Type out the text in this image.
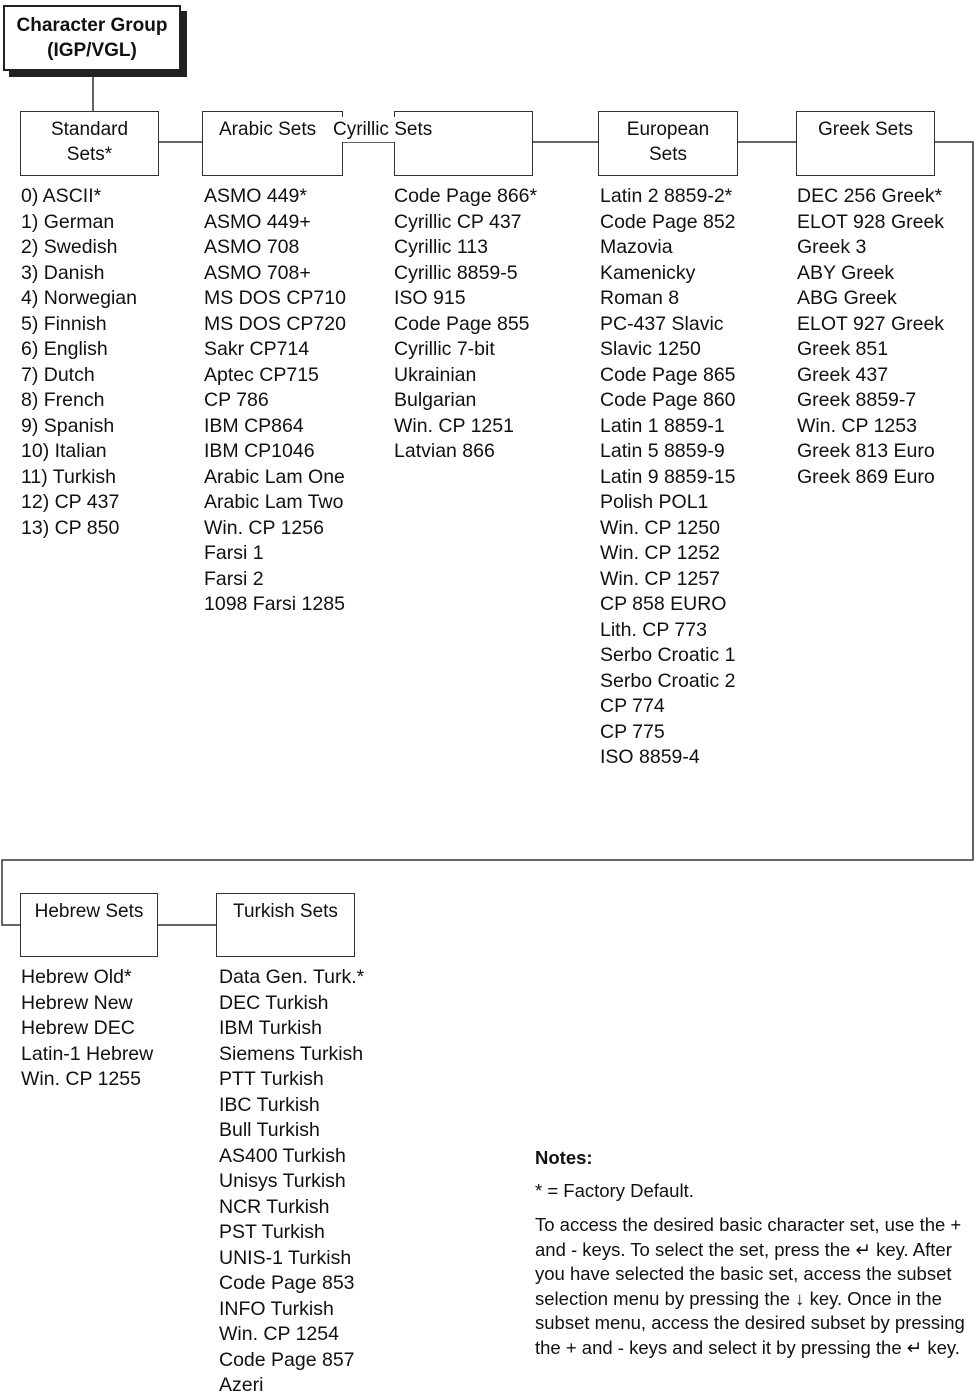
Character Group
(IGP/VGL)
Standard
Sets*
Arabic Sets Cyrillic Sets	European
Sets
Greek Sets
Hebrew Sets	Turkish Sets
0) ASCII*
1) German
2) Swedish
3) Danish
4) Norwegian
5) Finnish
6) English
7) Dutch
8) French
9) Spanish
10) Italian
11) Turkish
12) CP 437
13) CP 850
ASMO 449*
ASMO 449+
ASMO 708
ASMO 708+
MS DOS CP710
MS DOS CP720
Sakr CP714
Aptec CP715
CP 786
IBM CP864
IBM CP1046
Arabic Lam One
Arabic Lam Two
Win. CP 1256
Farsi 1
Farsi 2
1098 Farsi 1285
Code Page 866*
Cyrillic CP 437
Cyrillic 113
Cyrillic 8859-5
ISO 915
Code Page 855
Cyrillic 7-bit
Ukrainian
Bulgarian
Win. CP 1251
Latvian 866
Latin 2 8859-2*
Code Page 852
Mazovia
Kamenicky
Roman 8
PC-437 Slavic
Slavic 1250
Code Page 865
Code Page 860
Latin 1 8859-1
Latin 5 8859-9
Latin 9 8859-15
Polish POL1
Win. CP 1250
Win. CP 1252
Win. CP 1257
CP 858 EURO
Lith. CP 773
Serbo Croatic 1
Serbo Croatic 2
CP 774
CP 775
ISO 8859-4
DEC 256 Greek*
ELOT 928 Greek
Greek 3
ABY Greek
ABG Greek
ELOT 927 Greek
Greek 851
Greek 437
Greek 8859-7
Win. CP 1253
Greek 813 Euro
Greek 869 Euro
Hebrew Old*
Hebrew New
Hebrew DEC
Latin-1 Hebrew
Win. CP 1255
Data Gen. Turk.*
DEC Turkish
IBM Turkish
Siemens Turkish
PTT Turkish
IBC Turkish
Bull Turkish
AS400 Turkish
Unisys Turkish
NCR Turkish
PST Turkish
UNIS-1 Turkish
Code Page 853
INFO Turkish
Win. CP 1254
Code Page 857
Azeri
Notes:

* = Factory Default.

To access the desired basic character set, use the + and - keys. To select the set, press the ↵ key. After you have selected the basic set, access the subset selection menu by pressing the ↓ key. Once in the subset menu, access the desired subset by pressing the + and - keys and select it by pressing the ↵ key.
